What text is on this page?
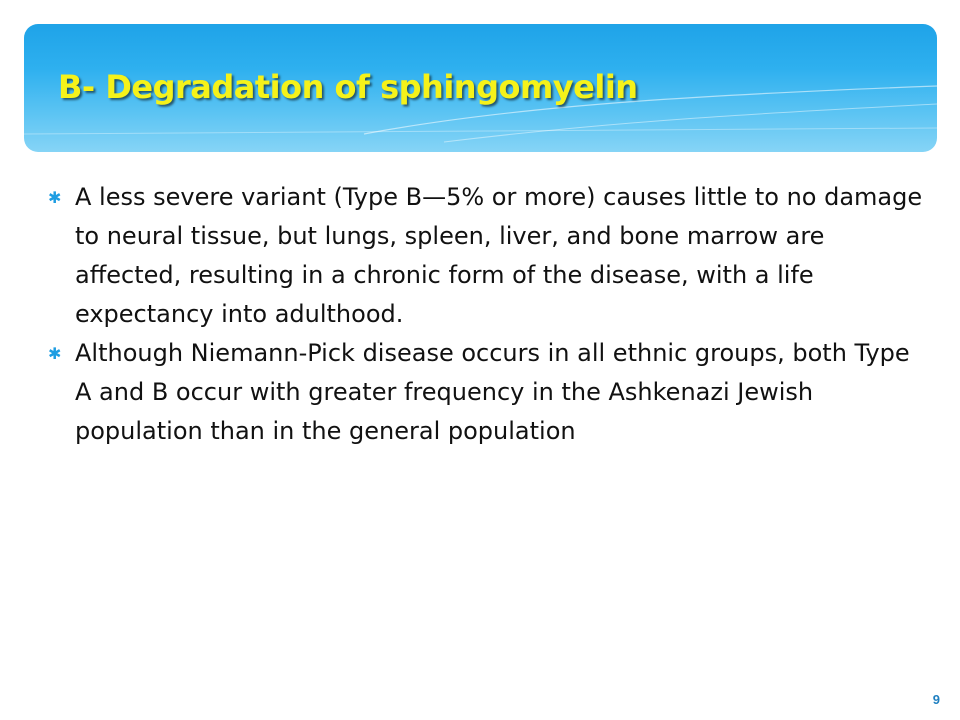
B- Degradation of sphingomyelin

✱ A less severe variant (Type B—5% or more) causes little to no damage to neural tissue, but lungs, spleen, liver, and bone marrow are affected, resulting in a chronic form of the disease, with a life expectancy into adulthood.

✱ Although Niemann-Pick disease occurs in all ethnic groups, both Type A and B occur with greater frequency in the Ashkenazi Jewish population than in the general population

9
